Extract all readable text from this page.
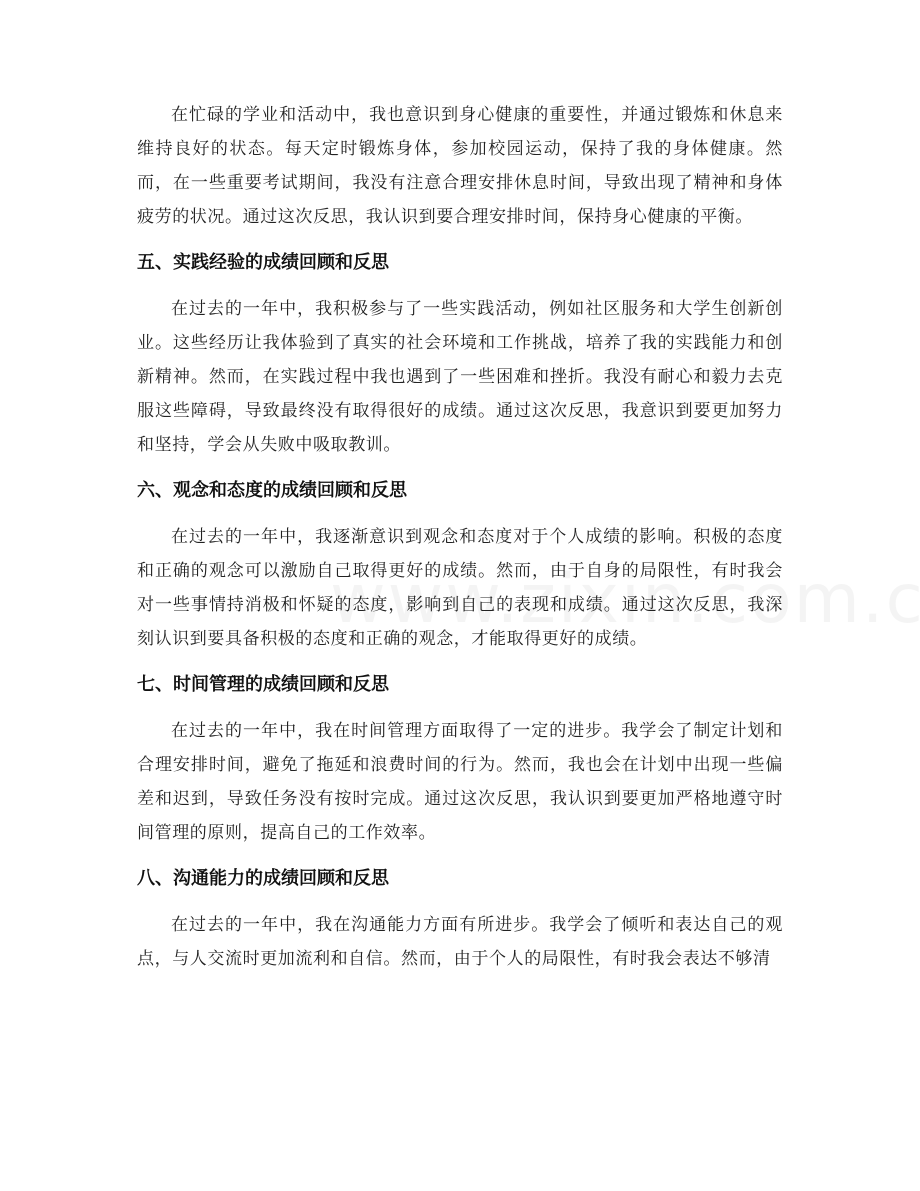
在忙碌的学业和活动中，我也意识到身心健康的重要性，并通过锻炼和休息来维持良好的状态。每天定时锻炼身体，参加校园运动，保持了我的身体健康。然而，在一些重要考试期间，我没有注意合理安排休息时间，导致出现了精神和身体疲劳的状况。通过这次反思，我认识到要合理安排时间，保持身心健康的平衡。

五、实践经验的成绩回顾和反思

在过去的一年中，我积极参与了一些实践活动，例如社区服务和大学生创新创业。这些经历让我体验到了真实的社会环境和工作挑战，培养了我的实践能力和创新精神。然而，在实践过程中我也遇到了一些困难和挫折。我没有耐心和毅力去克服这些障碍，导致最终没有取得很好的成绩。通过这次反思，我意识到要更加努力和坚持，学会从失败中吸取教训。

六、观念和态度的成绩回顾和反思

在过去的一年中，我逐渐意识到观念和态度对于个人成绩的影响。积极的态度和正确的观念可以激励自己取得更好的成绩。然而，由于自身的局限性，有时我会对一些事情持消极和怀疑的态度，影响到自己的表现和成绩。通过这次反思，我深刻认识到要具备积极的态度和正确的观念，才能取得更好的成绩。

七、时间管理的成绩回顾和反思

在过去的一年中，我在时间管理方面取得了一定的进步。我学会了制定计划和合理安排时间，避免了拖延和浪费时间的行为。然而，我也会在计划中出现一些偏差和迟到，导致任务没有按时完成。通过这次反思，我认识到要更加严格地遵守时间管理的原则，提高自己的工作效率。

八、沟通能力的成绩回顾和反思

在过去的一年中，我在沟通能力方面有所进步。我学会了倾听和表达自己的观点，与人交流时更加流利和自信。然而，由于个人的局限性，有时我会表达不够清
